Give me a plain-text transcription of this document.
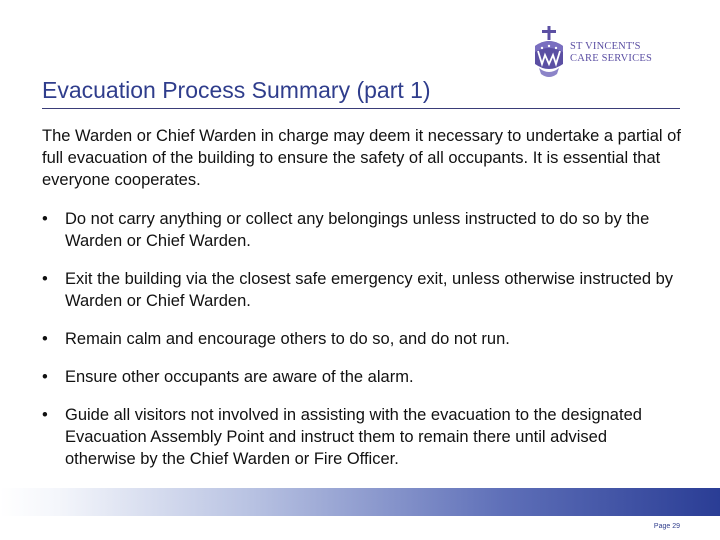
ST VINCENT'S
CARE SERVICES
Evacuation Process Summary (part 1)

The Warden or Chief Warden in charge may deem it necessary to undertake a partial of full evacuation of the building to ensure the safety of all occupants. It is essential that everyone cooperates.

• Do not carry anything or collect any belongings unless instructed to do so by the Warden or Chief Warden.
• Exit the building via the closest safe emergency exit, unless otherwise instructed by Warden or Chief Warden.
• Remain calm and encourage others to do so, and do not run.
• Ensure other occupants are aware of the alarm.
• Guide all visitors not involved in assisting with the evacuation to the designated Evacuation Assembly Point and instruct them to remain there until advised otherwise by the Chief Warden or Fire Officer.
Page 29
